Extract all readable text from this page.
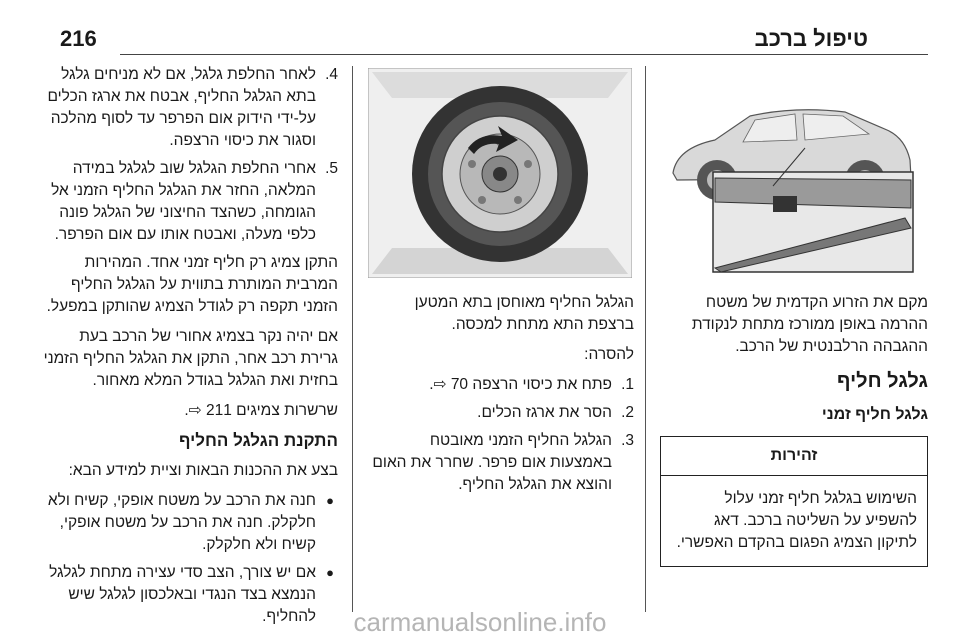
216	טיפול ברכב

מקם את הזרוע הקדמית של משטח ההרמה באופן ממורכז מתחת לנקודת ההגבהה הרלבנטית של הרכב.

גלגל חליף
גלגל חליף זמני
זהירות
השימוש בגלגל חליף זמני עלול להשפיע על השליטה ברכב. דאג לתיקון הצמיג הפגום בהקדם האפשרי.

הגלגל החליף מאוחסן בתא המטען ברצפת התא מתחת למכסה.

להסרה:

1.
פתח את כיסוי הרצפה 70 ⇨.
2.
הסר את ארגז הכלים.
3.
הגלגל החליף הזמני מאובטח באמצעות אום פרפר. שחרר את האום והוצא את הגלגל החליף.
4.
לאחר החלפת גלגל, אם לא מניחים גלגל בתא הגלגל החליף, אבטח את ארגז הכלים על-ידי הידוק אום הפרפר עד לסוף מהלכה וסגור את כיסוי הרצפה.
5.
אחרי החלפת הגלגל שוב לגלגל במידה המלאה, החזר את הגלגל החליף הזמני אל הגומחה, כשהצד החיצוני של הגלגל פונה כלפי מעלה, ואבטח אותו עם אום הפרפר.

התקן צמיג רק חליף זמני אחד. המהירות המרבית המותרת בתווית על הגלגל החליף הזמני תקפה רק לגודל הצמיג שהותקן במפעל.

אם יהיה נקר בצמיג אחורי של הרכב בעת גרירת רכב אחר, התקן את הגלגל החליף הזמני בחזית ואת הגלגל בגודל המלא מאחור.

שרשרות צמיגים 211 ⇨.

התקנת הגלגל החליף

בצע את ההכנות הבאות וציית למידע הבא:

●
חנה את הרכב על משטח אופקי, קשיח ולא חלקלק. חנה את הרכב על משטח אופקי, קשיח ולא חלקלק.
●
אם יש צורך, הצב סדי עצירה מתחת לגלגל הנמצא בצד הנגדי ובאלכסון לגלגל שיש להחליף.	carmanualsonline.info
